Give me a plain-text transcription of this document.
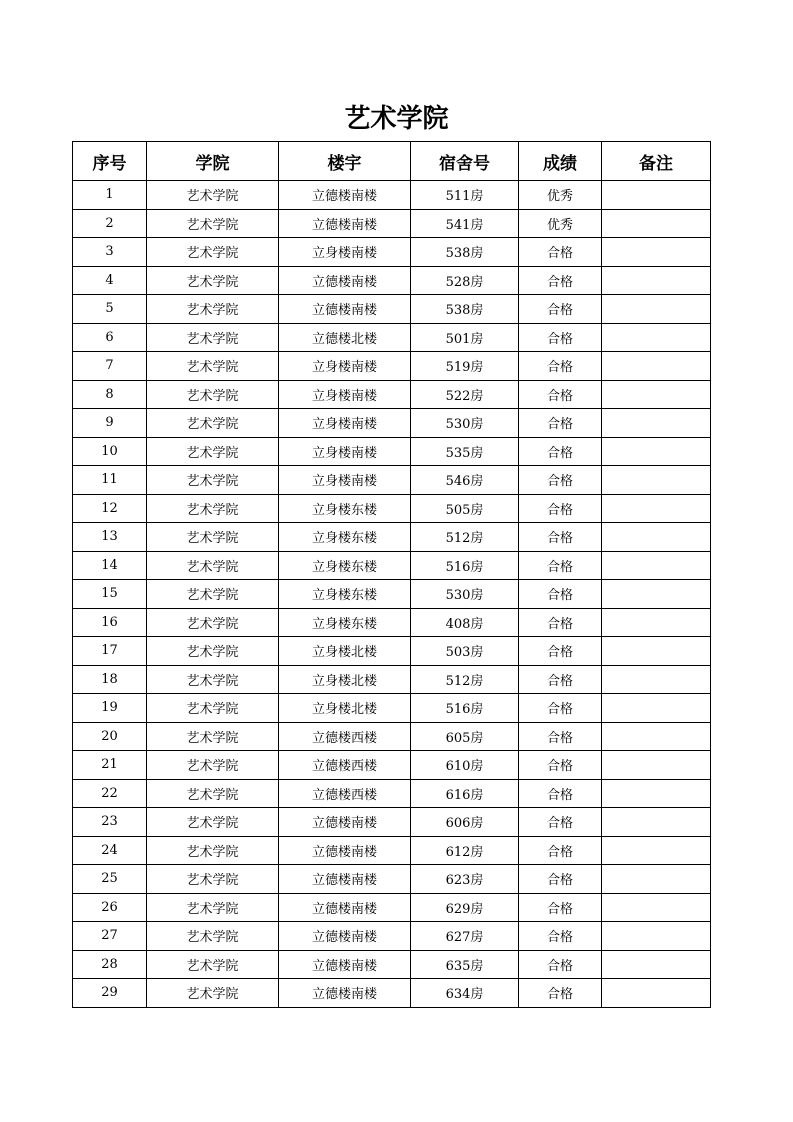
艺术学院
序号	学院	楼宇	宿舍号	成绩	备注
1	艺术学院	立德楼南楼	511房	优秀	
2	艺术学院	立德楼南楼	541房	优秀	
3	艺术学院	立身楼南楼	538房	合格	
4	艺术学院	立德楼南楼	528房	合格	
5	艺术学院	立德楼南楼	538房	合格	
6	艺术学院	立德楼北楼	501房	合格	
7	艺术学院	立身楼南楼	519房	合格	
8	艺术学院	立身楼南楼	522房	合格	
9	艺术学院	立身楼南楼	530房	合格	
10	艺术学院	立身楼南楼	535房	合格	
11	艺术学院	立身楼南楼	546房	合格	
12	艺术学院	立身楼东楼	505房	合格	
13	艺术学院	立身楼东楼	512房	合格	
14	艺术学院	立身楼东楼	516房	合格	
15	艺术学院	立身楼东楼	530房	合格	
16	艺术学院	立身楼东楼	408房	合格	
17	艺术学院	立身楼北楼	503房	合格	
18	艺术学院	立身楼北楼	512房	合格	
19	艺术学院	立身楼北楼	516房	合格	
20	艺术学院	立德楼西楼	605房	合格	
21	艺术学院	立德楼西楼	610房	合格	
22	艺术学院	立德楼西楼	616房	合格	
23	艺术学院	立德楼南楼	606房	合格	
24	艺术学院	立德楼南楼	612房	合格	
25	艺术学院	立德楼南楼	623房	合格	
26	艺术学院	立德楼南楼	629房	合格	
27	艺术学院	立德楼南楼	627房	合格	
28	艺术学院	立德楼南楼	635房	合格	
29	艺术学院	立德楼南楼	634房	合格	
